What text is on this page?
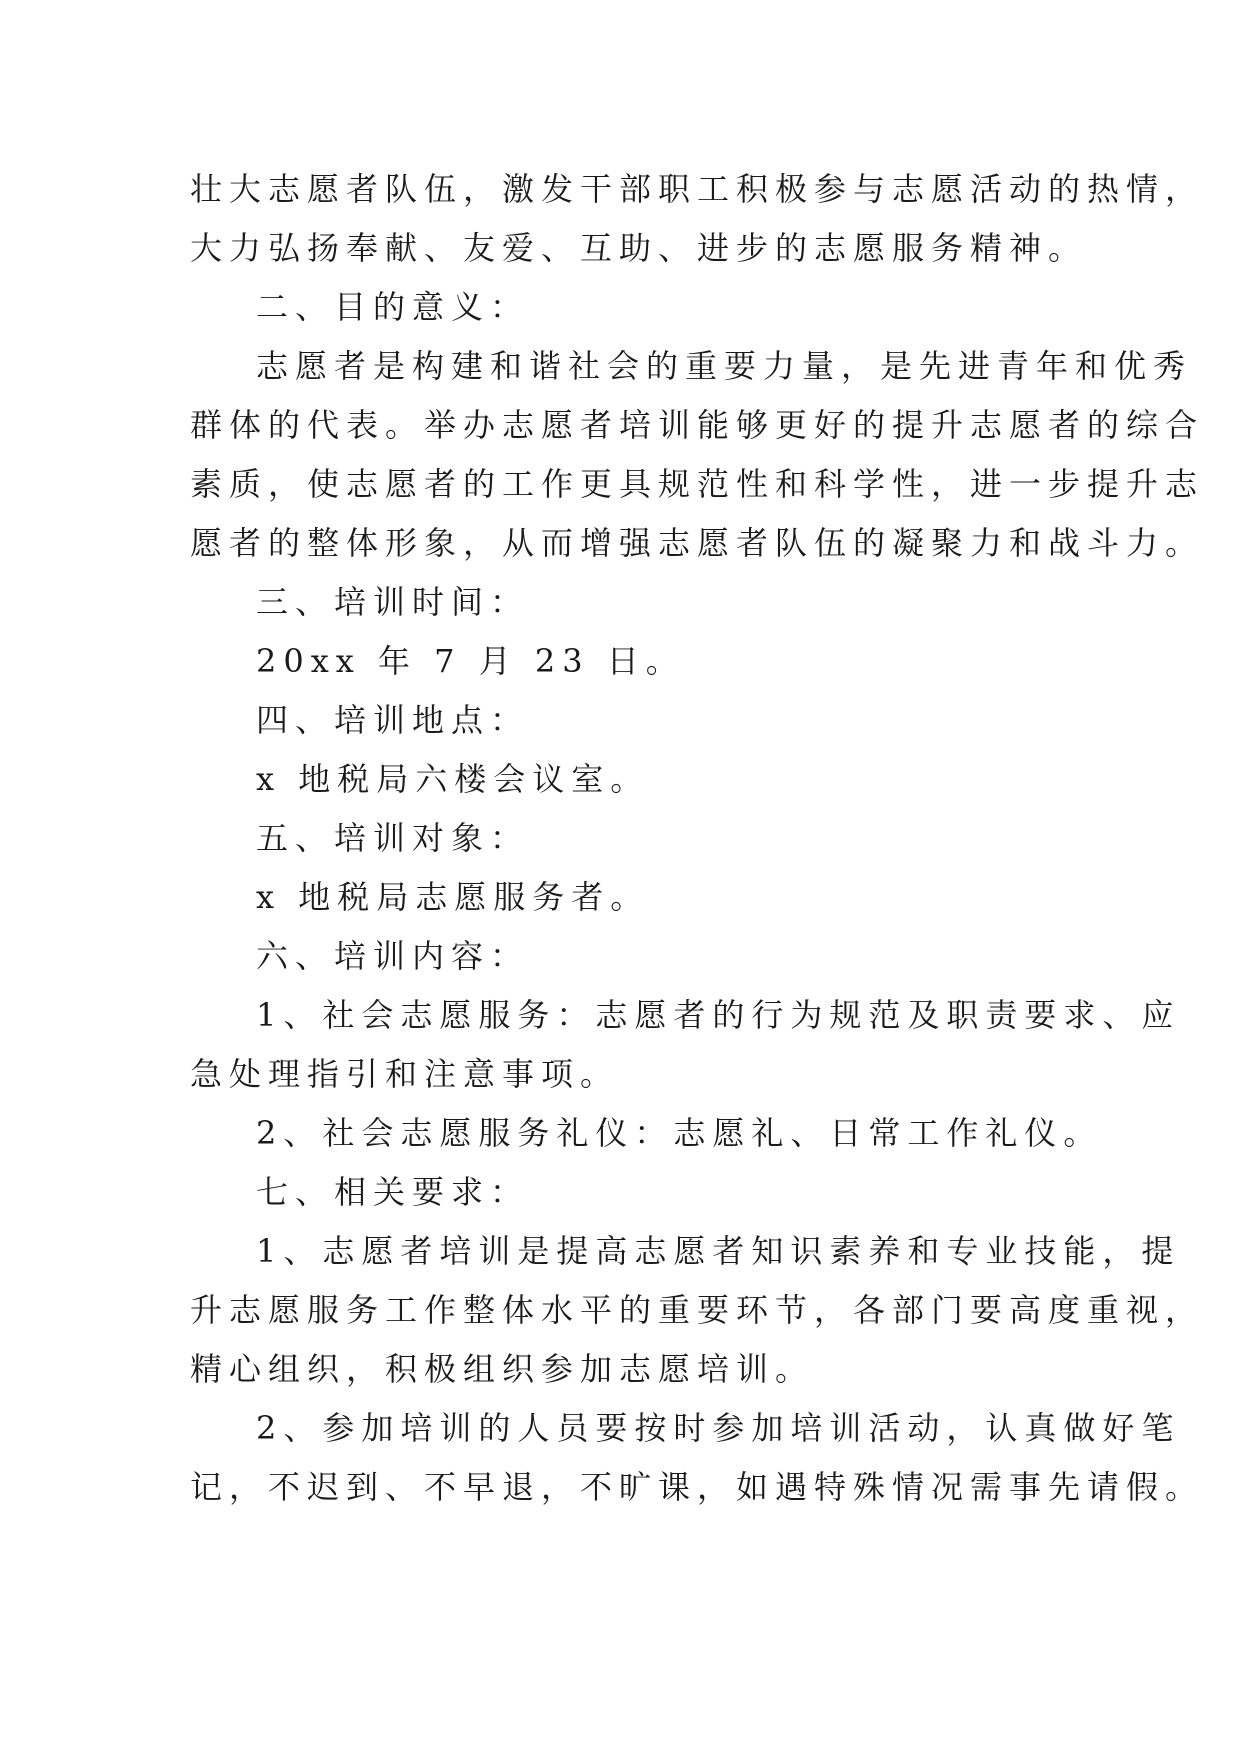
壮大志愿者队伍，激发干部职工积极参与志愿活动的热情，
大力弘扬奉献、友爱、互助、进步的志愿服务精神。
二、目的意义：
志愿者是构建和谐社会的重要力量，是先进青年和优秀
群体的代表。举办志愿者培训能够更好的提升志愿者的综合
素质，使志愿者的工作更具规范性和科学性，进一步提升志
愿者的整体形象，从而增强志愿者队伍的凝聚力和战斗力。
三、培训时间：
20xx 年 7 月 23 日。
四、培训地点：
x 地税局六楼会议室。
五、培训对象：
x 地税局志愿服务者。
六、培训内容：
1、社会志愿服务：志愿者的行为规范及职责要求、应
急处理指引和注意事项。
2、社会志愿服务礼仪：志愿礼、日常工作礼仪。
七、相关要求：
1、志愿者培训是提高志愿者知识素养和专业技能，提
升志愿服务工作整体水平的重要环节，各部门要高度重视，
精心组织，积极组织参加志愿培训。
2、参加培训的人员要按时参加培训活动，认真做好笔
记，不迟到、不早退，不旷课，如遇特殊情况需事先请假。
